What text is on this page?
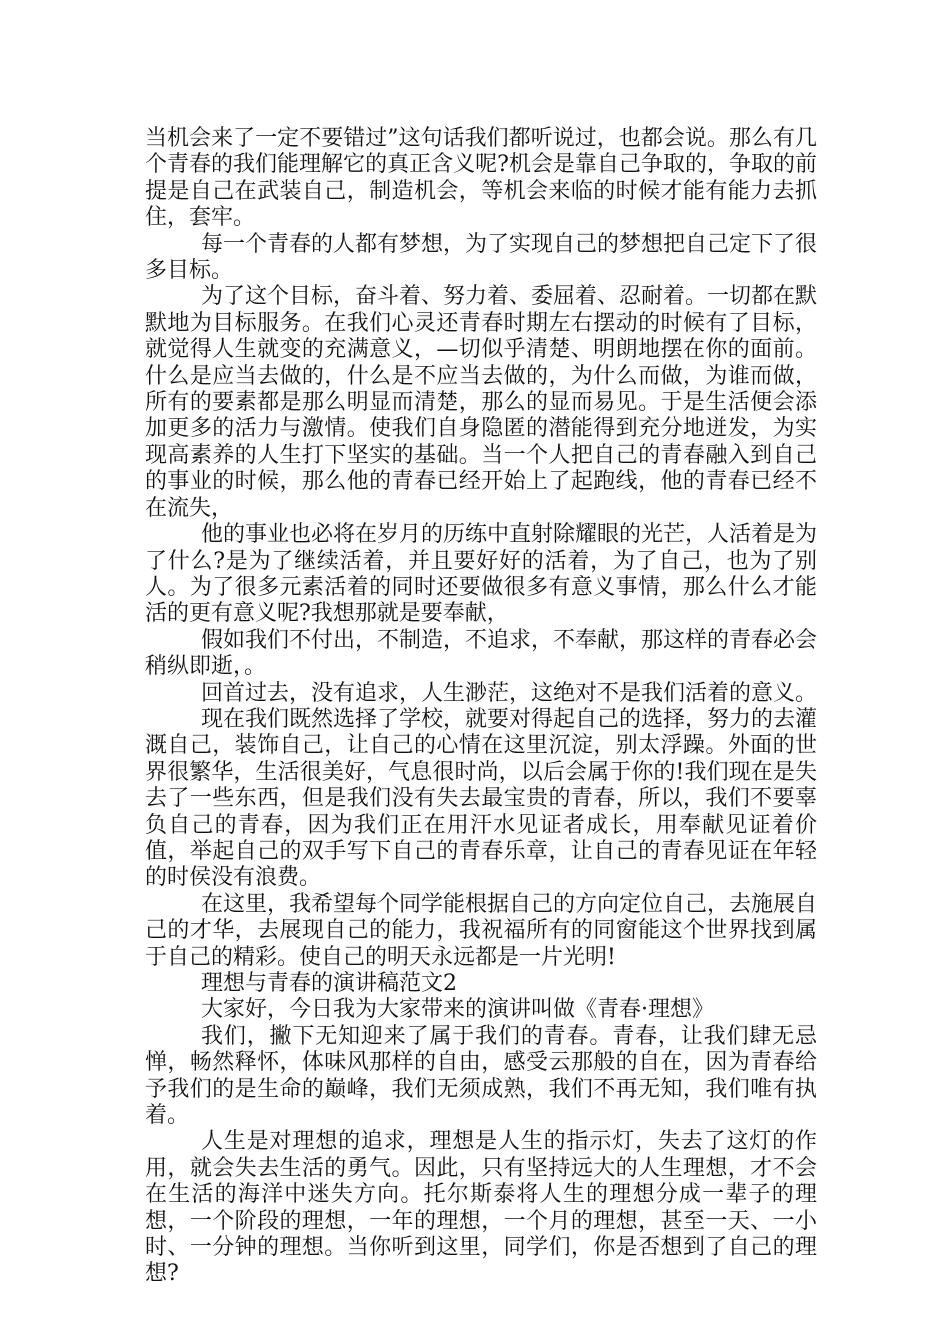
当机会来了一定不要错过”这句话我们都听说过，也都会说。那么有几个青春的我们能理解它的真正含义呢?机会是靠自己争取的，争取的前提是自己在武装自己，制造机会，等机会来临的时候才能有能力去抓住，套牢。

每一个青春的人都有梦想，为了实现自己的梦想把自己定下了很多目标。

为了这个目标，奋斗着、努力着、委屈着、忍耐着。一切都在默默地为目标服务。在我们心灵还青春时期左右摆动的时候有了目标，就觉得人生就变的充满意义，—切似乎清楚、明朗地摆在你的面前。什么是应当去做的，什么是不应当去做的，为什么而做，为谁而做，所有的要素都是那么明显而清楚，那么的显而易见。于是生活便会添加更多的活力与激情。使我们自身隐匿的潜能得到充分地迸发，为实现高素养的人生打下坚实的基础。当一个人把自己的青春融入到自己的事业的时候，那么他的青春已经开始上了起跑线，他的青春已经不在流失，

他的事业也必将在岁月的历练中直射除耀眼的光芒，人活着是为了什么?是为了继续活着，并且要好好的活着，为了自己，也为了别人。为了很多元素活着的同时还要做很多有意义事情，那么什么才能活的更有意义呢?我想那就是要奉献，

假如我们不付出，不制造，不追求，不奉献，那这样的青春必会稍纵即逝，。

回首过去，没有追求，人生渺茫，这绝对不是我们活着的意义。

现在我们既然选择了学校，就要对得起自己的选择，努力的去灌溉自己，装饰自己，让自己的心情在这里沉淀，别太浮躁。外面的世界很繁华，生活很美好，气息很时尚，以后会属于你的!我们现在是失去了一些东西，但是我们没有失去最宝贵的青春，所以，我们不要辜负自己的青春，因为我们正在用汗水见证者成长，用奉献见证着价值，举起自己的双手写下自己的青春乐章，让自己的青春见证在年轻的时侯没有浪费。

在这里，我希望每个同学能根据自己的方向定位自己，去施展自己的才华，去展现自己的能力，我祝福所有的同窗能这个世界找到属于自己的精彩。使自己的明天永远都是一片光明!

理想与青春的演讲稿范文2

大家好，今日我为大家带来的演讲叫做《青春·理想》

我们，撇下无知迎来了属于我们的青春。青春，让我们肆无忌惮，畅然释怀，体味风那样的自由，感受云那般的自在，因为青春给予我们的是生命的巅峰，我们无须成熟，我们不再无知，我们唯有执着。

人生是对理想的追求，理想是人生的指示灯，失去了这灯的作用，就会失去生活的勇气。因此，只有坚持远大的人生理想，才不会在生活的海洋中迷失方向。托尔斯泰将人生的理想分成一辈子的理想，一个阶段的理想，一年的理想，一个月的理想，甚至一天、一小时、一分钟的理想。当你听到这里，同学们，你是否想到了自己的理想?
